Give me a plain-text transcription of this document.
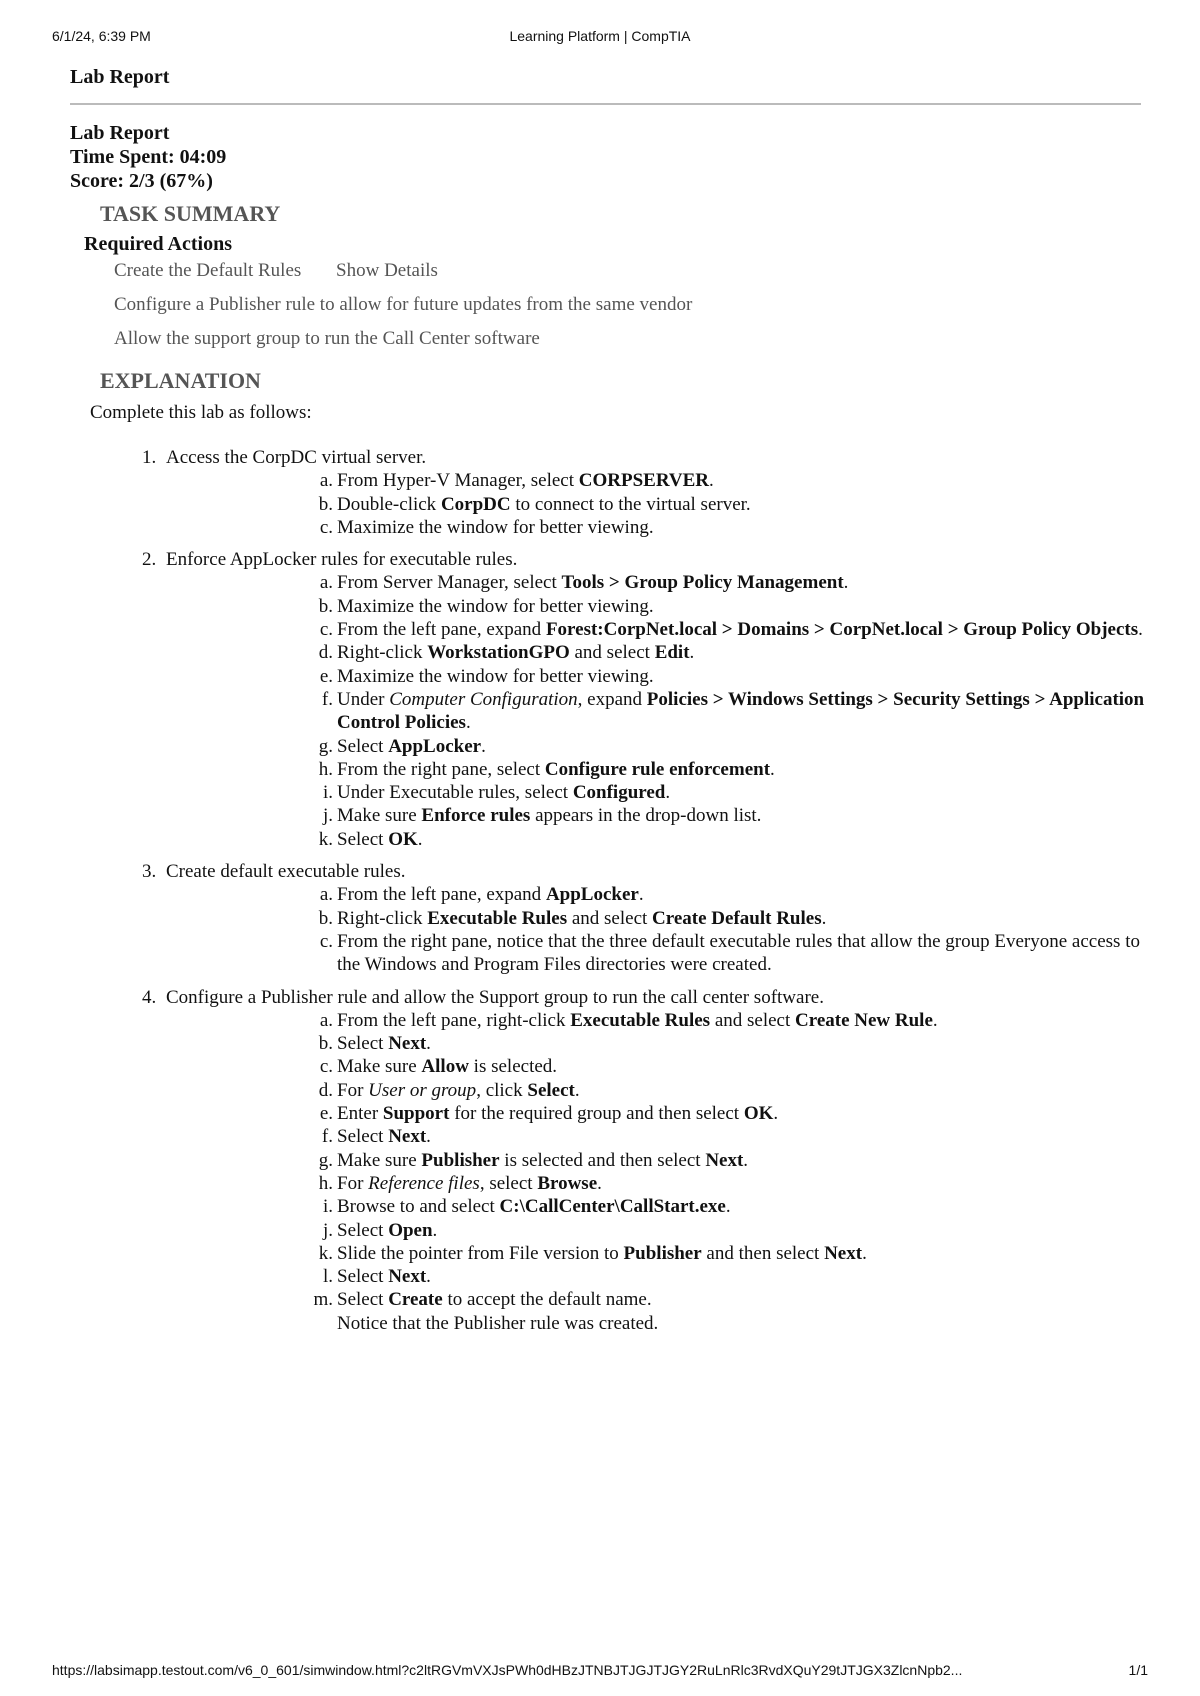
6/1/24, 6:39 PM	Learning Platform | CompTIA
Lab Report
Lab Report
Time Spent: 04:09
Score: 2/3 (67%)
TASK SUMMARY
Required Actions
Create the Default Rules Show Details
Configure a Publisher rule to allow for future updates from the same vendor
Allow the support group to run the Call Center software
EXPLANATION
Complete this lab as follows:
1. Access the CorpDC virtual server.
a. From Hyper-V Manager, select CORPSERVER.
b. Double-click CorpDC to connect to the virtual server.
c. Maximize the window for better viewing.
2. Enforce AppLocker rules for executable rules.
a. From Server Manager, select Tools > Group Policy Management.
b. Maximize the window for better viewing.
c. From the left pane, expand Forest:CorpNet.local > Domains > CorpNet.local > Group Policy Objects.
d. Right-click WorkstationGPO and select Edit.
e. Maximize the window for better viewing.
f. Under Computer Configuration, expand Policies > Windows Settings > Security Settings > Application Control Policies.
g. Select AppLocker.
h. From the right pane, select Configure rule enforcement.
i. Under Executable rules, select Configured.
j. Make sure Enforce rules appears in the drop-down list.
k. Select OK.
3. Create default executable rules.
a. From the left pane, expand AppLocker.
b. Right-click Executable Rules and select Create Default Rules.
c. From the right pane, notice that the three default executable rules that allow the group Everyone access to the Windows and Program Files directories were created.
4. Configure a Publisher rule and allow the Support group to run the call center software.
a. From the left pane, right-click Executable Rules and select Create New Rule.
b. Select Next.
c. Make sure Allow is selected.
d. For User or group, click Select.
e. Enter Support for the required group and then select OK.
f. Select Next.
g. Make sure Publisher is selected and then select Next.
h. For Reference files, select Browse.
i. Browse to and select C:\CallCenter\CallStart.exe.
j. Select Open.
k. Slide the pointer from File version to Publisher and then select Next.
l. Select Next.
m. Select Create to accept the default name.
Notice that the Publisher rule was created.
https://labsimapp.testout.com/v6_0_601/simwindow.html?c2ltRGVmVXJsPWh0dHBzJTNBJTJGJTJGY2RuLnRlc3RvdXQuY29tJTJGX3ZlcnNpb2...	1/1
